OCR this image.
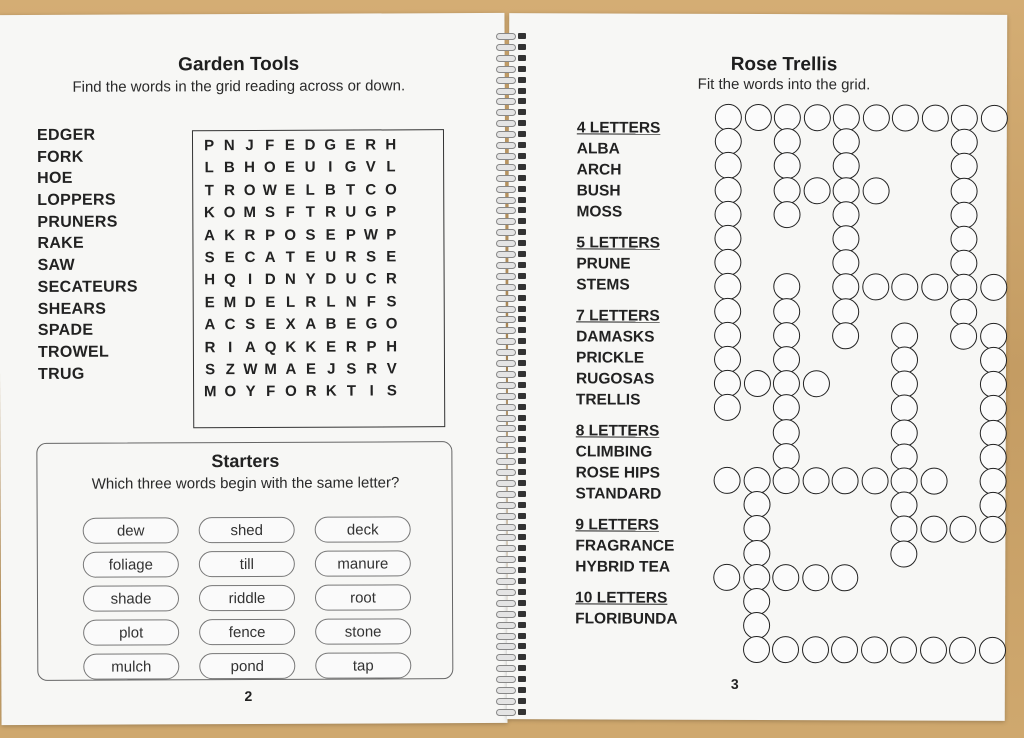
Garden Tools
Find the words in the grid reading across or down.
EDGER
FORK
HOE
LOPPERS
PRUNERS
RAKE
SAW
SECATEURS
SHEARS
SPADE
TROWEL
TRUG
P N J F E D G E R H
L B H O E U I G V L
T R O W E L B T C O
K O M S F T R U G P
A K R P O S E P W P
S E C A T E U R S E
H Q I D N Y D U C R
E M D E L R L N F S
A C S E X A B E G O
R I A Q K K E R P H
S Z W M A E J S R V
M O Y F O R K T I S
Starters
Which three words begin with the same letter?
dew	shed	deck
foliage	till	manure
shade	riddle	root
plot	fence	stone
mulch	pond	tap
2
Rose Trellis
Fit the words into the grid.
4 LETTERS
ALBA
ARCH
BUSH
MOSS
5 LETTERS
PRUNE
STEMS
7 LETTERS
DAMASKS
PRICKLE
RUGOSAS
TRELLIS
8 LETTERS
CLIMBING
ROSE HIPS
STANDARD
9 LETTERS
FRAGRANCE
HYBRID TEA
10 LETTERS
FLORIBUNDA
3
